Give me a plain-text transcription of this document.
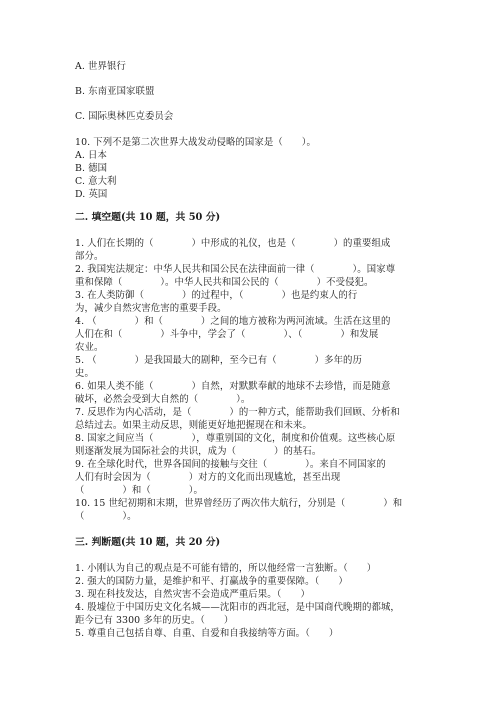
A. 世界银行
B. 东南亚国家联盟
C. 国际奥林匹克委员会
10. 下列不是第二次世界大战发动侵略的国家是（　　）。
A. 日本
B. 德国
C. 意大利
D. 英国
二. 填空题(共 10 题，共 50 分)
1. 人们在长期的（　　　　）中形成的礼仪，也是（　　　　）的重要组成
部分。
2. 我国宪法规定：中华人民共和国公民在法律面前一律（　　　　）。国家尊
重和保障（　　　　）。中华人民共和国公民的（　　　　）不受侵犯。
3. 在人类防御（　　　　）的过程中，（　　　　）也是约束人的行
为，减少自然灾害危害的重要手段。
4. （　　　　）和（　　　　）之间的地方被称为两河流域。生活在这里的
人们在和（　　　　）斗争中，学会了（　　　　）、（　　　　）和发展
农业。
5. （　　　　）是我国最大的剧种，至今已有（　　　　）多年的历
史。
6. 如果人类不能（　　　　）自然，对默默奉献的地球不去珍惜，而是随意
破坏，必然会受到大自然的（　　　　）。
7. 反思作为内心活动，是（　　　　）的一种方式，能帮助我们回顾、分析和
总结过去。如果主动反思，则能更好地把握现在和未来。
8. 国家之间应当（　　　　），尊重别国的文化，制度和价值观。这些核心原
则逐渐发展为国际社会的共识，成为（　　　　）的基石。
9. 在全球化时代，世界各国间的接触与交往（　　　　）。来自不同国家的
人们有时会因为（　　　　）对方的文化而出现尴尬，甚至出现
（　　　　）和（　　　　）。
10. 15 世纪初期和末期，世界曾经历了两次伟大航行，分别是（　　　　）和
（　　　　）。
三. 判断题(共 10 题，共 20 分)
1. 小刚认为自己的观点是不可能有错的，所以他经常一言独断。（　　）
2. 强大的国防力量，是维护和平、打赢战争的重要保障。（　　）
3. 现在科技发达，自然灾害不会造成严重后果。（　　）
4. 殷墟位于中国历史文化名城——沈阳市的西北冠，是中国商代晚期的都城，
距今已有 3300 多年的历史。（　　）
5. 尊重自己包括自尊、自重、自爱和自我接纳等方面。（　　）
